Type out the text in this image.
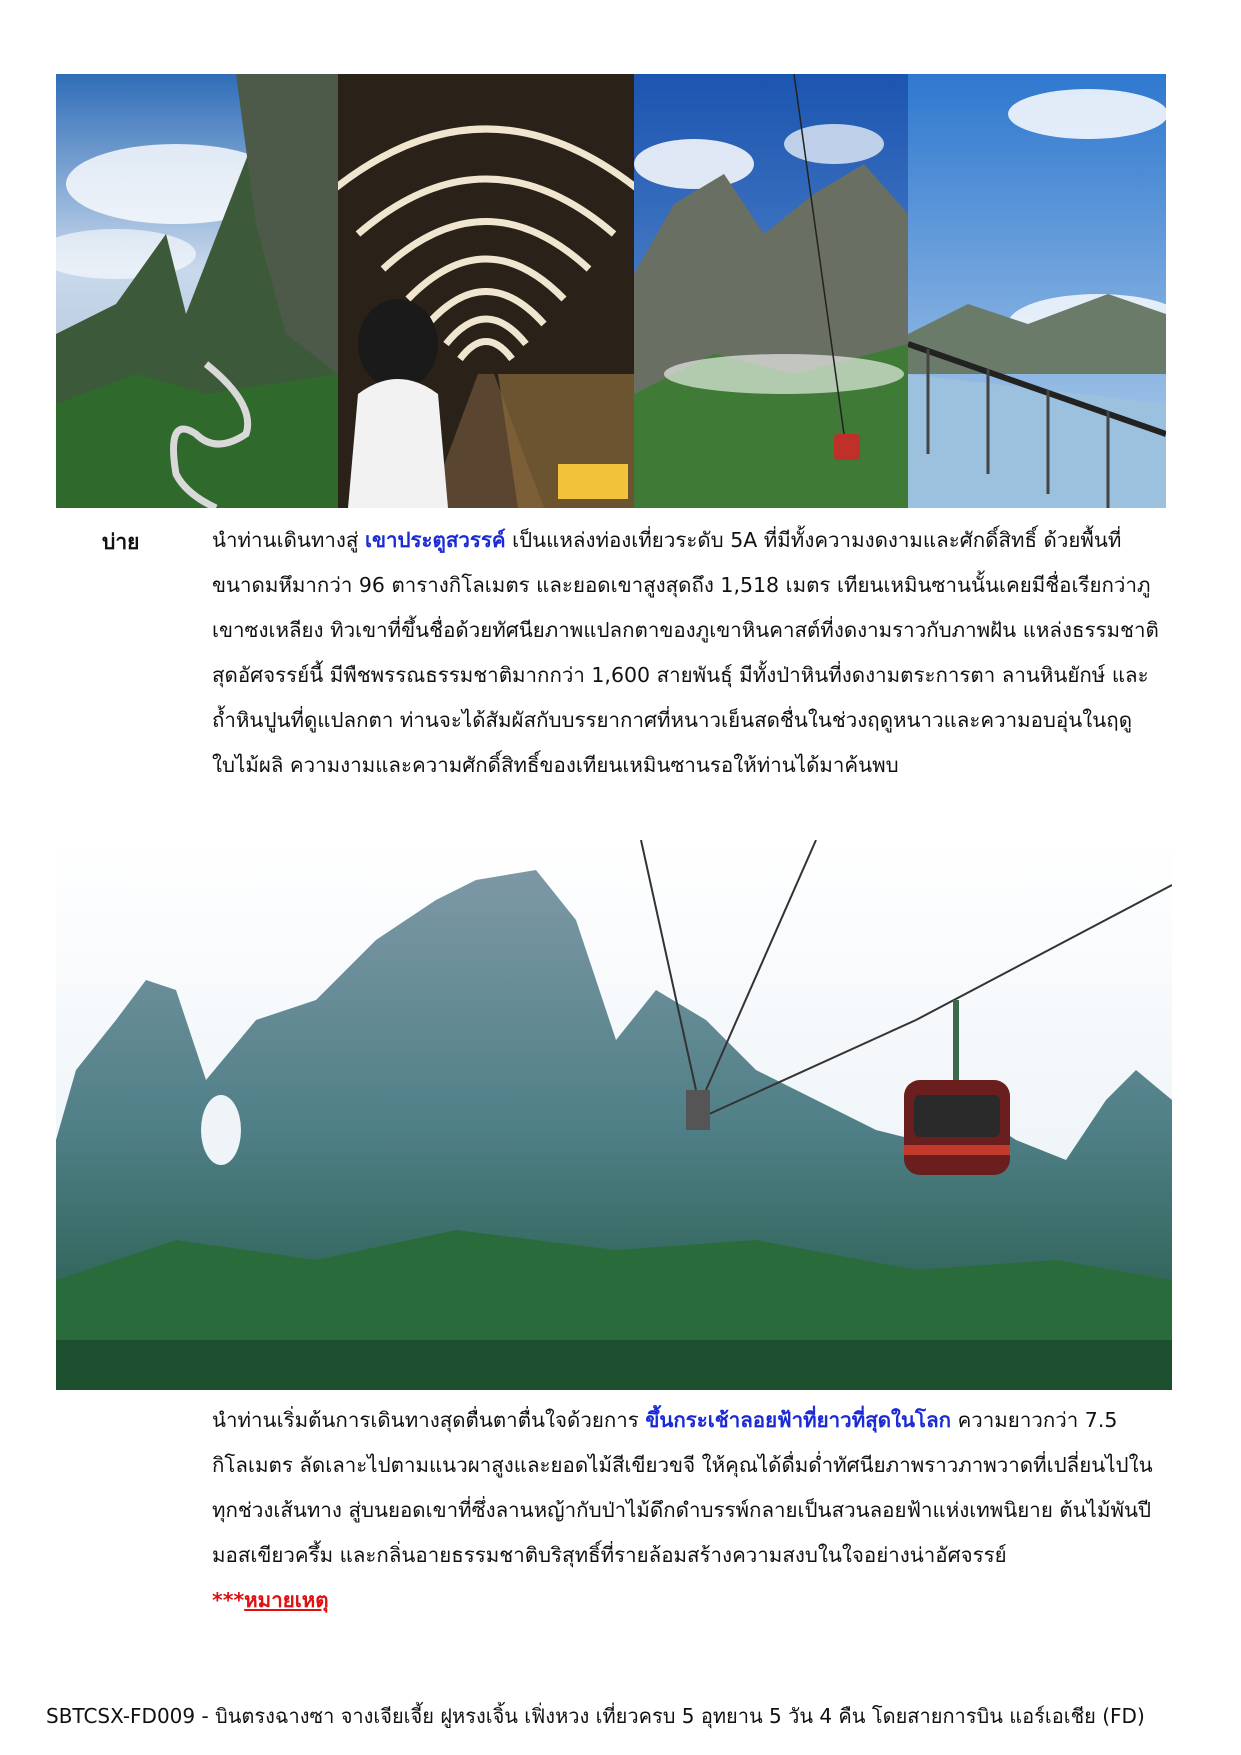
บ่าย	นำท่านเดินทางสู่ เขาประตูสวรรค์ เป็นแหล่งท่องเที่ยวระดับ 5A ที่มีทั้งความงดงามและศักดิ์สิทธิ์ ด้วยพื้นที่ขนาดมหึมากว่า 96 ตารางกิโลเมตร และยอดเขาสูงสุดถึง 1,518 เมตร เทียนเหมินซานนั้นเคยมีชื่อเรียกว่าภูเขาซงเหลียง ทิวเขาที่ขึ้นชื่อด้วยทัศนียภาพแปลกตาของภูเขาหินคาสต์ที่งดงามราวกับภาพฝัน แหล่งธรรมชาติสุดอัศจรรย์นี้ มีพืชพรรณธรรมชาติมากกว่า 1,600 สายพันธุ์ มีทั้งป่าหินที่งดงามตระการตา ลานหินยักษ์ และถ้ำหินปูนที่ดูแปลกตา ท่านจะได้สัมผัสกับบรรยากาศที่หนาวเย็นสดชื่นในช่วงฤดูหนาวและความอบอุ่นในฤดูใบไม้ผลิ ความงามและความศักดิ์สิทธิ์ของเทียนเหมินซานรอให้ท่านได้มาค้นพบ

นำท่านเริ่มต้นการเดินทางสุดตื่นตาตื่นใจด้วยการ ขึ้นกระเช้าลอยฟ้าที่ยาวที่สุดในโลก ความยาวกว่า 7.5 กิโลเมตร ลัดเลาะไปตามแนวผาสูงและยอดไม้สีเขียวขจี ให้คุณได้ดื่มด่ำทัศนียภาพราวภาพวาดที่เปลี่ยนไปในทุกช่วงเส้นทาง สู่บนยอดเขาที่ซึ่งลานหญ้ากับป่าไม้ดึกดำบรรพ์กลายเป็นสวนลอยฟ้าแห่งเทพนิยาย ต้นไม้พันปี มอสเขียวครึ้ม และกลิ่นอายธรรมชาติบริสุทธิ์ที่รายล้อมสร้างความสงบในใจอย่างน่าอัศจรรย์
***หมายเหตุ

SBTCSX-FD009 - บินตรงฉางซา จางเจียเจี้ย ฝูหรงเจิ้น เฟิ่งหวง เที่ยวครบ 5 อุทยาน 5 วัน 4 คืน โดยสายการบิน แอร์เอเชีย (FD)
